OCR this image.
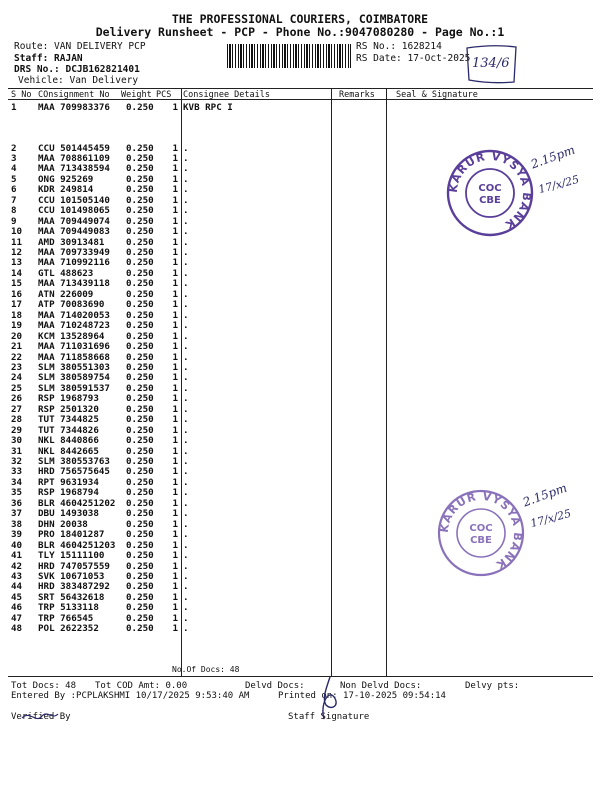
THE PROFESSIONAL COURIERS, COIMBATORE
Delivery Runsheet - PCP - Phone No.:9047080280 - Page No.:1
Route: VAN DELIVERY PCP
Staff: RAJAN
DRS No.: DCJB162821401
Vehicle: Van Delivery
RS No.: 1628214
RS Date: 17-Oct-2025 134/6
S No COnsignment No Weight PCS Consignee Details	Remarks Seal & Signature
1 MAA 709983376 0.250	1 KVB RPC I
2 CCU 501445459 0.250	1 .
3 MAA 708861109 0.250	1 .
4 MAA 713438594 0.250	1 .
5 ONG 925269	0.250	1 .
6 KDR 249814	0.250	1 .
7 CCU 101505140 0.250	1 .
8 CCU 101498065 0.250	1 .
9 MAA 709449074 0.250	1 .
10 MAA 709449083 0.250	1 .
11 AMD 30913481 0.250	1 .
12 MAA 709733949 0.250	1 .
13 MAA 710992116 0.250	1 .
14 GTL 488623	0.250	1 .
15 MAA 713439118 0.250	1 .
16 ATN 226009	0.250	1 .
17 ATP 70083690 0.250	1 .
18 MAA 714020053 0.250	1 .
19 MAA 710248723 0.250	1 .
20 KCM 13528964 0.250	1 .
21 MAA 711031696 0.250	1 .
22 MAA 711858668 0.250	1 .
23 SLM 380551303 0.250	1 .
24 SLM 380589754 0.250	1 .
25 SLM 380591537 0.250	1 .
26 RSP 1968793	0.250	1 .
27 RSP 2501320	0.250	1 .
28 TUT 7344825	0.250	1 .
29 TUT 7344826	0.250	1 .
30 NKL 8440866	0.250	1 .
31 NKL 8442665	0.250	1 .
32 SLM 380553763 0.250	1 .
33 HRD 756575645 0.250	1 .
34 RPT 9631934	0.250	1 .
35 RSP 1968794	0.250	1 .
36 BLR 4604251202 0.250	1 .
37 DBU 1493038	0.250	1 .
38 DHN 20038	0.250	1 .
39 PRO 18401287 0.250	1 .
40 BLR 4604251203 0.250	1 .
41 TLY 15111100 0.250	1 .
42 HRD 747057559 0.250	1 .
43 SVK 10671053 0.250	1 .
44 HRD 383487292 0.250	1 .
45 SRT 56432618 0.250	1 .
46 TRP 5133118	0.250	1 .
47 TRP 766545	0.250	1 .
48 POL 2622352	0.250	1 .
No.Of Docs: 48
Tot Docs: 48 Tot COD Amt: 0.00	Delvd Docs:	Non Delvd Docs:	Delvy pts:
Entered By :PCPLAKSHMI 10/17/2025 9:53:40 AM	Printed on: 17-10-2025 09:54:14
Verified By	Staff Signature
KARUR VYSYA BANK
COC
CBE
2.15pm
17/x/25
KARUR VYSYA BANK
COC
CBE
2.15pm
17/x/25
